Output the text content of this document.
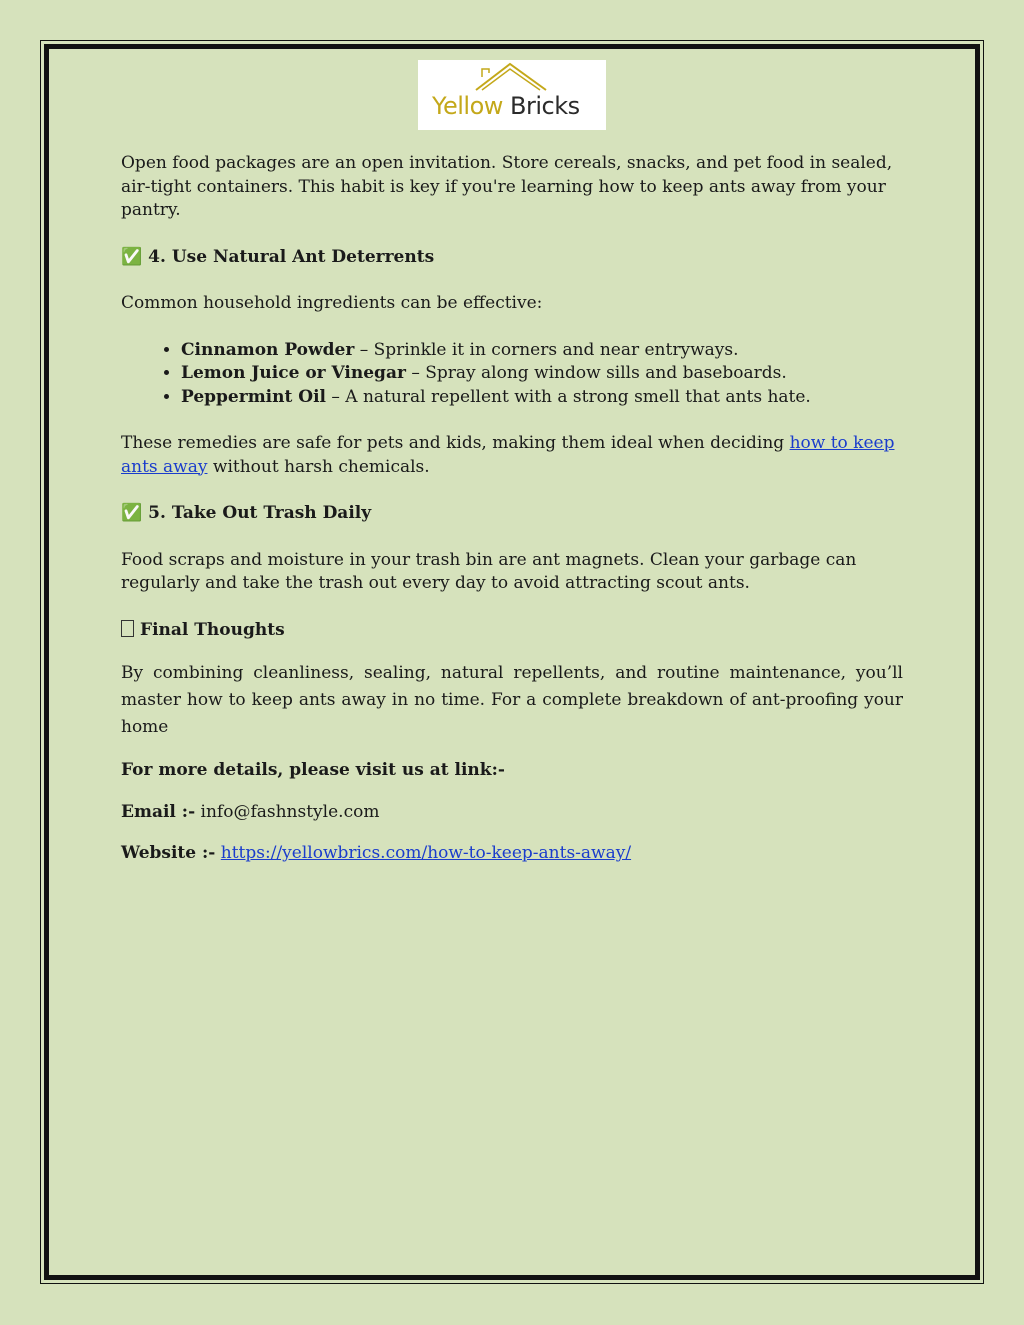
Yellow Bricks

Open food packages are an open invitation. Store cereals, snacks, and pet food in sealed, air-tight containers. This habit is key if you're learning how to keep ants away from your pantry.

✅ 4. Use Natural Ant Deterrents

Common household ingredients can be effective:

• Cinnamon Powder – Sprinkle it in corners and near entryways.
• Lemon Juice or Vinegar – Spray along window sills and baseboards.
• Peppermint Oil – A natural repellent with a strong smell that ants hate.

These remedies are safe for pets and kids, making them ideal when deciding how to keep ants away without harsh chemicals.

✅ 5. Take Out Trash Daily

Food scraps and moisture in your trash bin are ant magnets. Clean your garbage can regularly and take the trash out every day to avoid attracting scout ants.

Final Thoughts

By combining cleanliness, sealing, natural repellents, and routine maintenance, you’ll master how to keep ants away in no time. For a complete breakdown of ant-proofing your home

For more details, please visit us at link:-

Email :- info@fashnstyle.com

Website :- https://yellowbrics.com/how-to-keep-ants-away/
